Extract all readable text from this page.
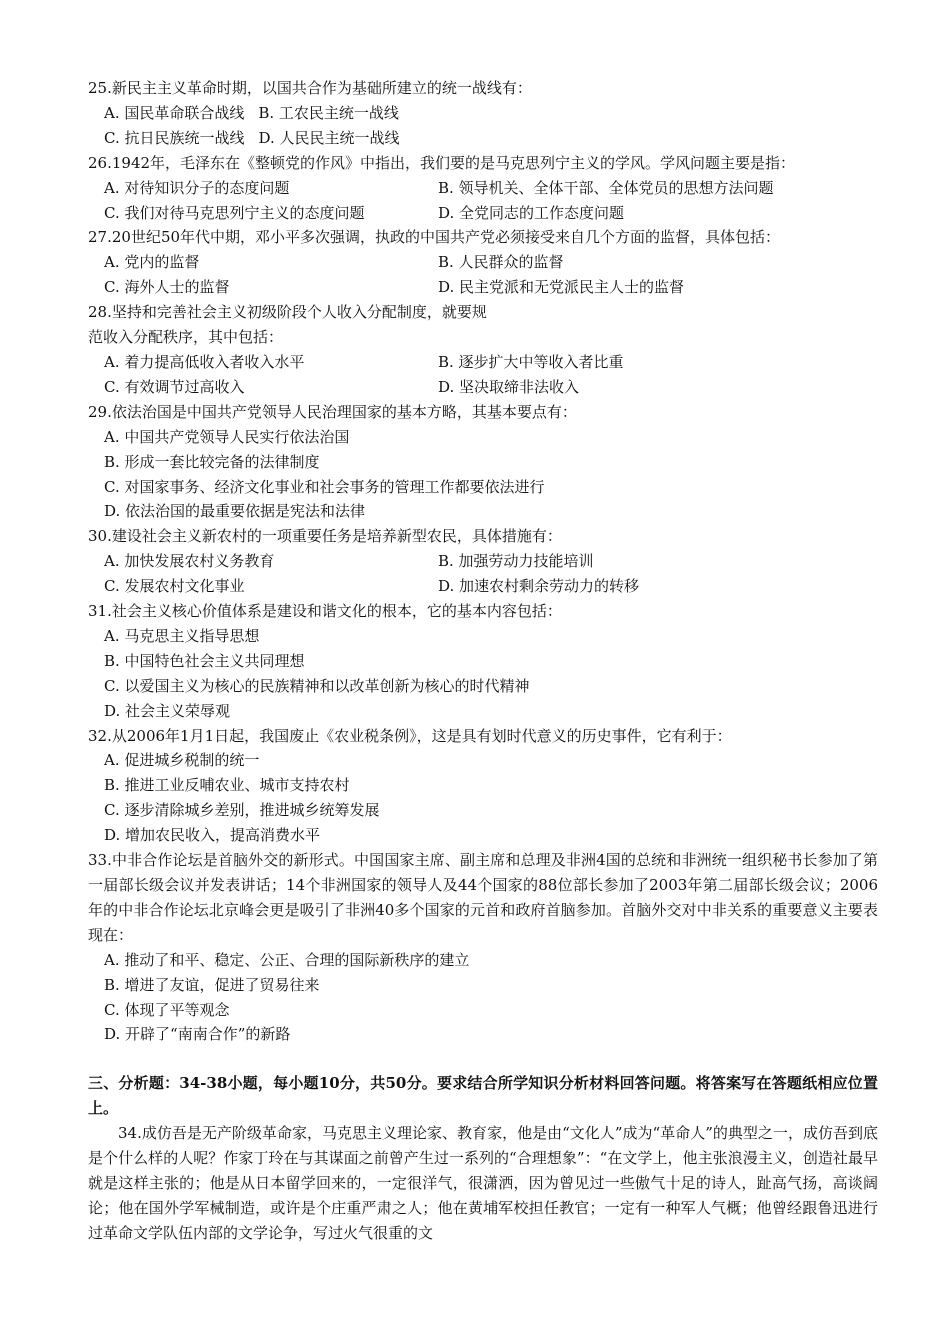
25.新民主主义革命时期，以国共合作为基础所建立的统一战线有：
A. 国民革命联合战线 B. 工农民主统一战线
C. 抗日民族统一战线 D. 人民民主统一战线
26.1942年，毛泽东在《整顿党的作风》中指出，我们要的是马克思列宁主义的学风。学风问题主要是指：
A. 对待知识分子的态度问题	B. 领导机关、全体干部、全体党员的思想方法问题
C. 我们对待马克思列宁主义的态度问题	D. 全党同志的工作态度问题
27.20世纪50年代中期，邓小平多次强调，执政的中国共产党必须接受来自几个方面的监督，具体包括：
A. 党内的监督	B. 人民群众的监督
C. 海外人士的监督	D. 民主党派和无党派民主人士的监督
28.坚持和完善社会主义初级阶段个人收入分配制度，就要规
范收入分配秩序，其中包括：
A. 着力提高低收入者收入水平	B. 逐步扩大中等收入者比重
C. 有效调节过高收入	D. 坚决取缔非法收入
29.依法治国是中国共产党领导人民治理国家的基本方略，其基本要点有：
A. 中国共产党领导人民实行依法治国
B. 形成一套比较完备的法律制度
C. 对国家事务、经济文化事业和社会事务的管理工作都要依法进行
D. 依法治国的最重要依据是宪法和法律
30.建设社会主义新农村的一项重要任务是培养新型农民，具体措施有：
A. 加快发展农村义务教育	B. 加强劳动力技能培训
C. 发展农村文化事业	D. 加速农村剩余劳动力的转移
31.社会主义核心价值体系是建设和谐文化的根本，它的基本内容包括：
A. 马克思主义指导思想
B. 中国特色社会主义共同理想
C. 以爱国主义为核心的民族精神和以改革创新为核心的时代精神
D. 社会主义荣辱观
32.从2006年1月1日起，我国废止《农业税条例》，这是具有划时代意义的历史事件，它有利于：
A. 促进城乡税制的统一
B. 推进工业反哺农业、城市支持农村
C. 逐步清除城乡差别，推进城乡统筹发展
D. 增加农民收入，提高消费水平
33.中非合作论坛是首脑外交的新形式。中国国家主席、副主席和总理及非洲4国的总统和非洲统一组织秘书长参加了第一届部长级会议并发表讲话；14个非洲国家的领导人及44个国家的88位部长参加了2003年第二届部长级会议；2006年的中非合作论坛北京峰会更是吸引了非洲40多个国家的元首和政府首脑参加。首脑外交对中非关系的重要意义主要表现在：
A. 推动了和平、稳定、公正、合理的国际新秩序的建立
B. 增进了友谊，促进了贸易往来
C. 体现了平等观念
D. 开辟了“南南合作”的新路
三、分析题：34-38小题，每小题10分，共50分。要求结合所学知识分析材料回答问题。将答案写在答题纸相应位置上。
34.成仿吾是无产阶级革命家，马克思主义理论家、教育家，他是由“文化人”成为“革命人”的典型之一，成仿吾到底是个什么样的人呢？作家丁玲在与其谋面之前曾产生过一系列的“合理想象”：“在文学上，他主张浪漫主义，创造社最早就是这样主张的；他是从日本留学回来的，一定很洋气，很潇洒，因为曾见过一些傲气十足的诗人，趾高气扬，高谈阔论；他在国外学军械制造，或许是个庄重严肃之人；他在黄埔军校担任教官；一定有一种军人气概；他曾经跟鲁迅进行过革命文学队伍内部的文学论争，写过火气很重的文
